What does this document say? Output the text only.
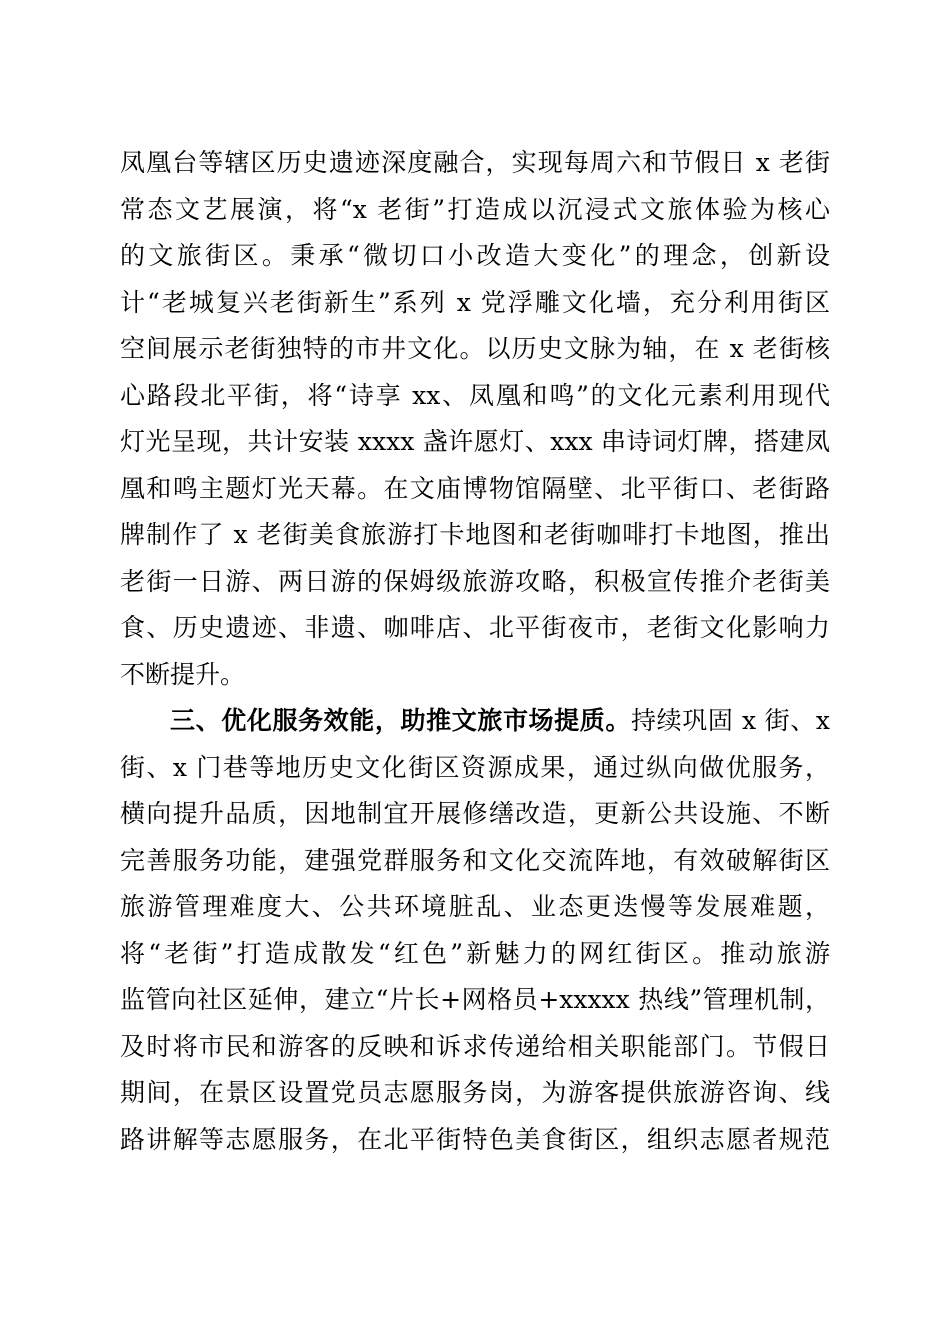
凤凰台等辖区历史遗迹深度融合，实现每周六和节假日 x 老街
常态文艺展演，将“x 老街”打造成以沉浸式文旅体验为核心
的文旅街区。秉承“微切口小改造大变化”的理念，创新设
计“老城复兴老街新生”系列 x 党浮雕文化墙，充分利用街区
空间展示老街独特的市井文化。以历史文脉为轴，在 x 老街核
心路段北平街，将“诗享 xx、凤凰和鸣”的文化元素利用现代
灯光呈现，共计安装 xxxx 盏许愿灯、xxx 串诗词灯牌，搭建凤
凰和鸣主题灯光天幕。在文庙博物馆隔壁、北平街口、老街路
牌制作了 x 老街美食旅游打卡地图和老街咖啡打卡地图，推出
老街一日游、两日游的保姆级旅游攻略，积极宣传推介老街美
食、历史遗迹、非遗、咖啡店、北平街夜市，老街文化影响力
不断提升。
三、优化服务效能，助推文旅市场提质。持续巩固 x 街、x
街、x 门巷等地历史文化街区资源成果，通过纵向做优服务，
横向提升品质，因地制宜开展修缮改造，更新公共设施、不断
完善服务功能，建强党群服务和文化交流阵地，有效破解街区
旅游管理难度大、公共环境脏乱、业态更迭慢等发展难题，
将“老街”打造成散发“红色”新魅力的网红街区。推动旅游
监管向社区延伸，建立“片长+网格员+xxxxx 热线”管理机制，
及时将市民和游客的反映和诉求传递给相关职能部门。节假日
期间，在景区设置党员志愿服务岗，为游客提供旅游咨询、线
路讲解等志愿服务，在北平街特色美食街区，组织志愿者规范
